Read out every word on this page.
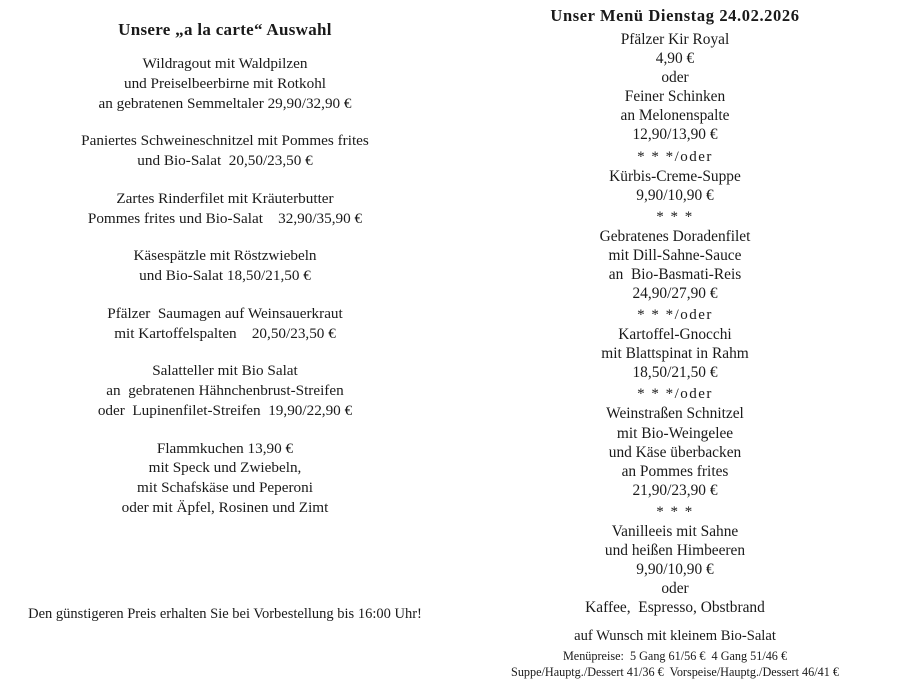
Unsere „a la carte“ Auswahl
Wildragout mit Waldpilzen
und Preiselbeerbirne mit Rotkohl
an gebratenen Semmeltaler 29,90/32,90 €
Paniertes Schweineschnitzel mit Pommes frites
und Bio-Salat  20,50/23,50 €
Zartes Rinderfilet mit Kräuterbutter
Pommes frites und Bio-Salat    32,90/35,90 €
Käsespätzle mit Röstzwiebeln
und Bio-Salat 18,50/21,50 €
Pfälzer  Saumagen auf Weinsauerkraut
mit Kartoffelspalten    20,50/23,50 €
Salatteller mit Bio Salat
an  gebratenen Hähnchenbrust-Streifen
oder  Lupinenfilet-Streifen  19,90/22,90 €
Flammkuchen 13,90 €
mit Speck und Zwiebeln,
mit Schafskäse und Peperoni
oder mit Äpfel, Rosinen und Zimt
Den günstigeren Preis erhalten Sie bei Vorbestellung bis 16:00 Uhr!
Unser Menü Dienstag 24.02.2026
Pfälzer Kir Royal
4,90 €
oder
Feiner Schinken
an Melonenspalte
12,90/13,90 €
* * */oder
Kürbis-Creme-Suppe
9,90/10,90 €
* * *
Gebratenes Doradenfilet
mit Dill-Sahne-Sauce
an  Bio-Basmati-Reis
24,90/27,90 €
* * */oder
Kartoffel-Gnocchi
mit Blattspinat in Rahm
18,50/21,50 €
* * */oder
Weinstraßen Schnitzel
mit Bio-Weingelee
und Käse überbacken
an Pommes frites
21,90/23,90 €
* * *
Vanilleeis mit Sahne
und heißen Himbeeren
9,90/10,90 €
oder
Kaffee,  Espresso, Obstbrand
auf Wunsch mit kleinem Bio-Salat
Menüpreise:  5 Gang 61/56 €  4 Gang 51/46 €
Suppe/Hauptg./Dessert 41/36 €  Vorspeise/Hauptg./Dessert 46/41 €
